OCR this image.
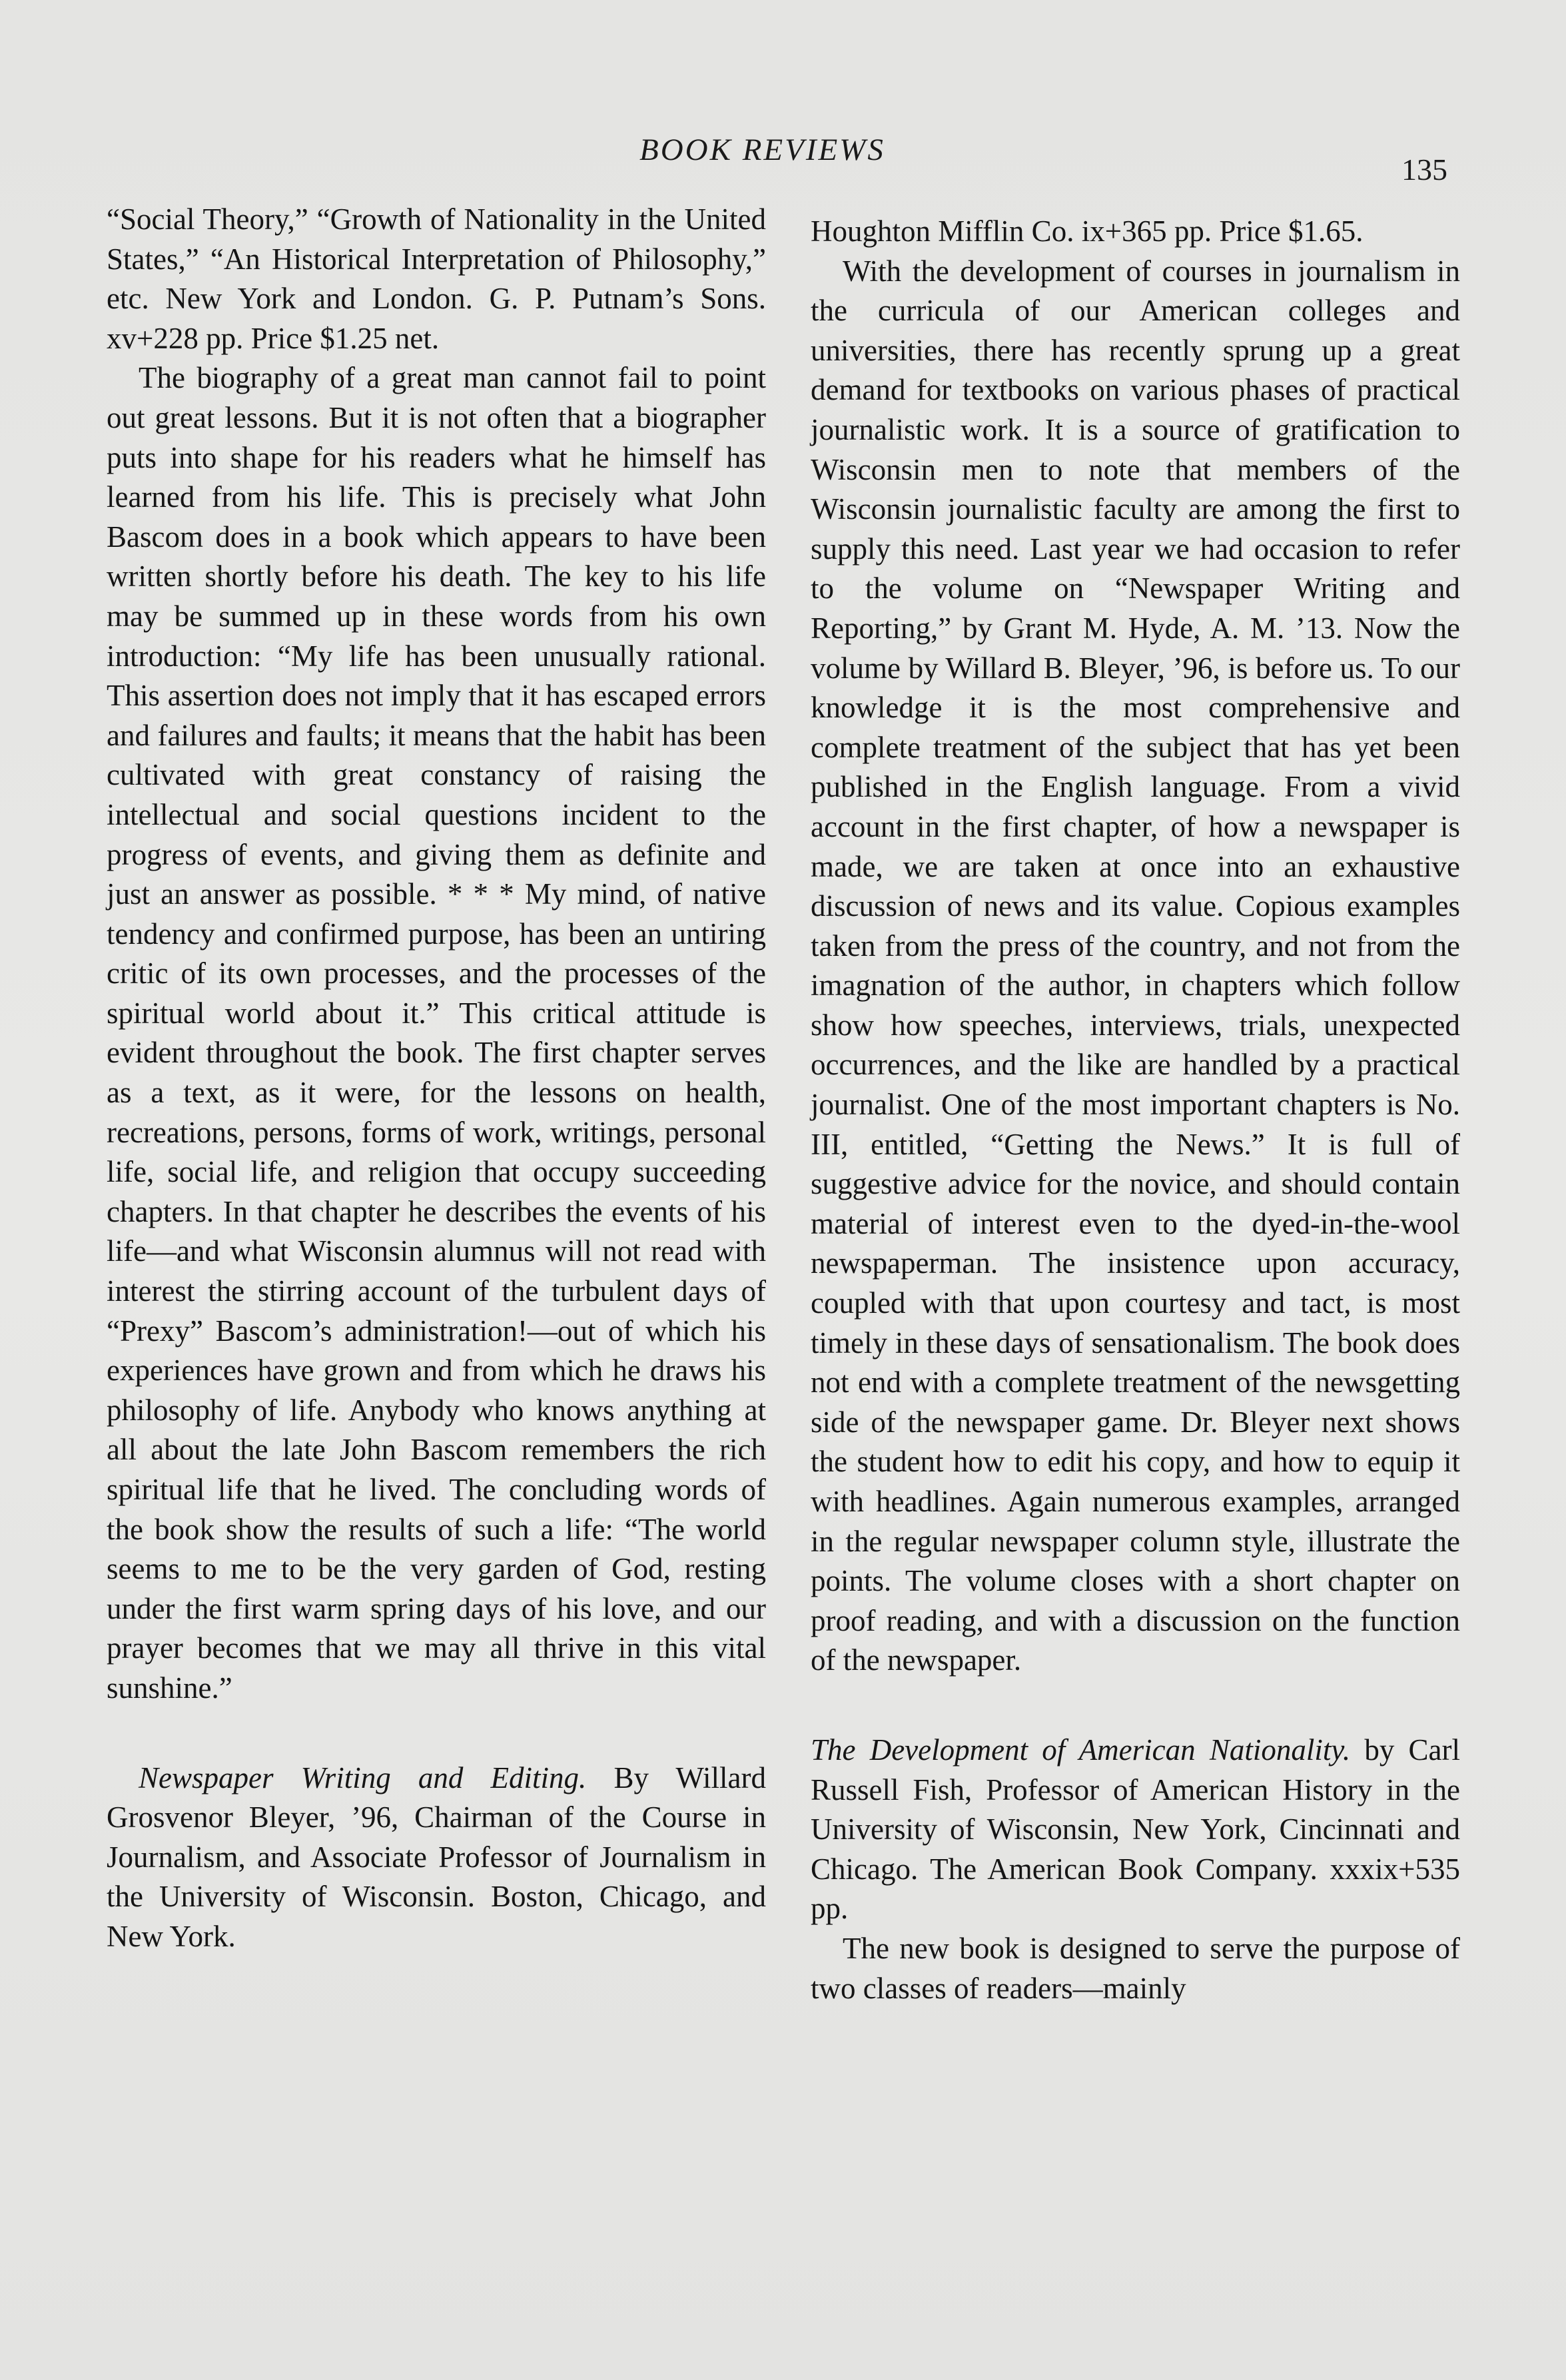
BOOK REVIEWS
135

“Social Theory,” “Growth of Nationality in the United States,” “An Historical Interpretation of Philosophy,” etc. New York and London. G. P. Putnam’s Sons. xv+228 pp. Price $1.25 net.

The biography of a great man cannot fail to point out great lessons. But it is not often that a biographer puts into shape for his readers what he himself has learned from his life. This is precisely what John Bascom does in a book which appears to have been written shortly before his death. The key to his life may be summed up in these words from his own introduction: “My life has been unusually rational. This assertion does not imply that it has escaped errors and failures and faults; it means that the habit has been cultivated with great constancy of raising the intellectual and social questions incident to the progress of events, and giving them as definite and just an answer as possible. * * * My mind, of native tendency and confirmed purpose, has been an untiring critic of its own processes, and the processes of the spiritual world about it.” This critical attitude is evident throughout the book. The first chapter serves as a text, as it were, for the lessons on health, recreations, persons, forms of work, writings, personal life, social life, and religion that occupy succeeding chapters. In that chapter he describes the events of his life—and what Wisconsin alumnus will not read with interest the stirring account of the turbulent days of “Prexy” Bascom’s administration!—out of which his experiences have grown and from which he draws his philosophy of life. Anybody who knows anything at all about the late John Bascom remembers the rich spiritual life that he lived. The concluding words of the book show the results of such a life: “The world seems to me to be the very garden of God, resting under the first warm spring days of his love, and our prayer becomes that we may all thrive in this vital sunshine.”

Newspaper Writing and Editing. By Willard Grosvenor Bleyer, ’96, Chairman of the Course in Journalism, and Associate Professor of Journalism in the University of Wisconsin. Boston, Chicago, and New York.

Houghton Mifflin Co. ix+365 pp. Price $1.65.

With the development of courses in journalism in the curricula of our American colleges and universities, there has recently sprung up a great demand for textbooks on various phases of practical journalistic work. It is a source of gratification to Wisconsin men to note that members of the Wisconsin journalistic faculty are among the first to supply this need. Last year we had occasion to refer to the volume on “Newspaper Writing and Reporting,” by Grant M. Hyde, A. M. ’13. Now the volume by Willard B. Bleyer, ’96, is before us. To our knowledge it is the most comprehensive and complete treatment of the subject that has yet been published in the English language. From a vivid account in the first chapter, of how a newspaper is made, we are taken at once into an exhaustive discussion of news and its value. Copious examples taken from the press of the country, and not from the imagnation of the author, in chapters which follow show how speeches, interviews, trials, unexpected occurrences, and the like are handled by a practical journalist. One of the most important chapters is No. III, entitled, “Getting the News.” It is full of suggestive advice for the novice, and should contain material of interest even to the dyed-in-the-wool newspaperman. The insistence upon accuracy, coupled with that upon courtesy and tact, is most timely in these days of sensationalism. The book does not end with a complete treatment of the newsgetting side of the newspaper game. Dr. Bleyer next shows the student how to edit his copy, and how to equip it with headlines. Again numerous examples, arranged in the regular newspaper column style, illustrate the points. The volume closes with a short chapter on proof reading, and with a discussion on the function of the newspaper.

The Development of American Nationality. by Carl Russell Fish, Professor of American History in the University of Wisconsin, New York, Cincinnati and Chicago. The American Book Company. xxxix+535 pp.

The new book is designed to serve the purpose of two classes of readers—mainly
